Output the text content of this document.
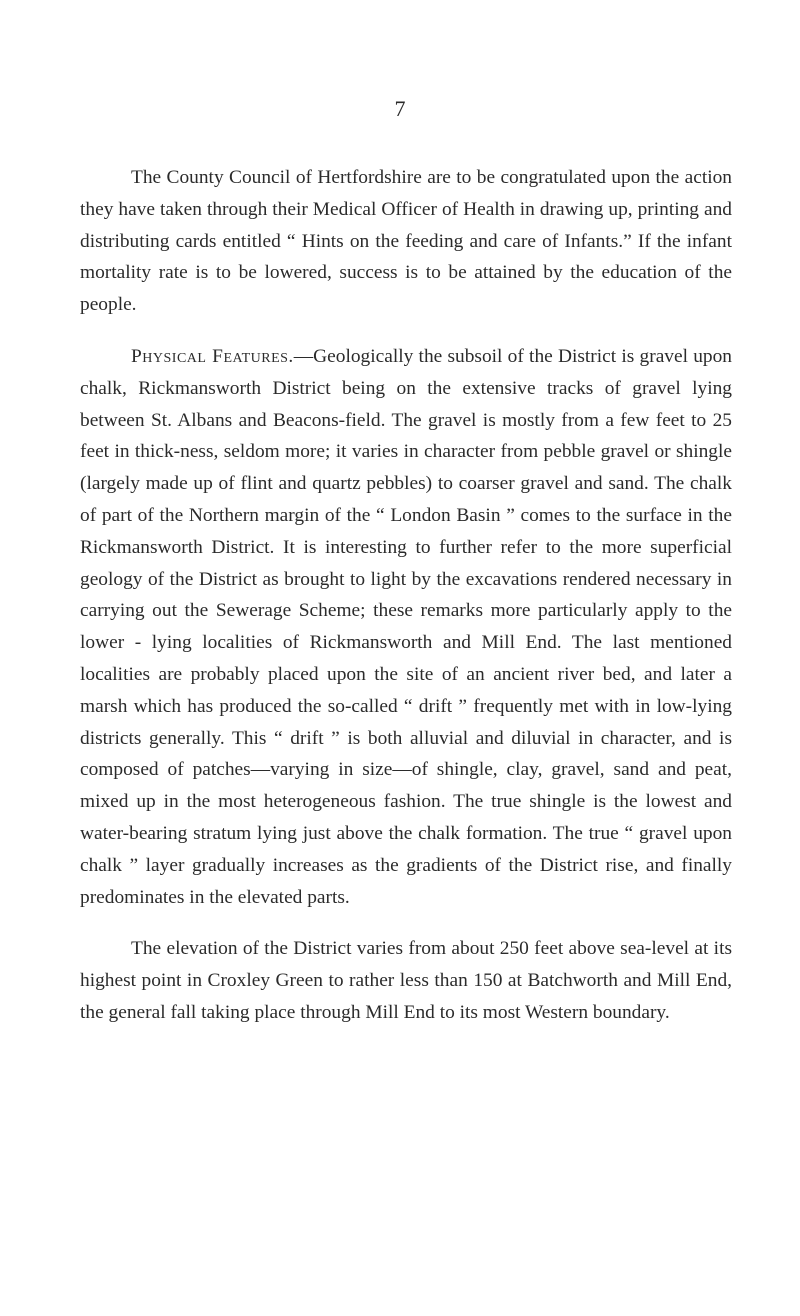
7

The County Council of Hertfordshire are to be congratulated upon the action they have taken through their Medical Officer of Health in drawing up, printing and distributing cards entitled “ Hints on the feeding and care of Infants.” If the infant mortality rate is to be lowered, success is to be attained by the education of the people.

Physical Features.—Geologically the subsoil of the District is gravel upon chalk, Rickmansworth District being on the extensive tracks of gravel lying between St. Albans and Beacons-field. The gravel is mostly from a few feet to 25 feet in thick-ness, seldom more; it varies in character from pebble gravel or shingle (largely made up of flint and quartz pebbles) to coarser gravel and sand. The chalk of part of the Northern margin of the “ London Basin ” comes to the surface in the Rickmansworth District. It is interesting to further refer to the more superficial geology of the District as brought to light by the excavations rendered necessary in carrying out the Sewerage Scheme; these remarks more particularly apply to the lower - lying localities of Rickmansworth and Mill End. The last mentioned localities are probably placed upon the site of an ancient river bed, and later a marsh which has produced the so-called “ drift ” frequently met with in low-lying districts generally. This “ drift ” is both alluvial and diluvial in character, and is composed of patches—varying in size—of shingle, clay, gravel, sand and peat, mixed up in the most heterogeneous fashion. The true shingle is the lowest and water-bearing stratum lying just above the chalk formation. The true “ gravel upon chalk ” layer gradually increases as the gradients of the District rise, and finally predominates in the elevated parts.

The elevation of the District varies from about 250 feet above sea-level at its highest point in Croxley Green to rather less than 150 at Batchworth and Mill End, the general fall taking place through Mill End to its most Western boundary.
